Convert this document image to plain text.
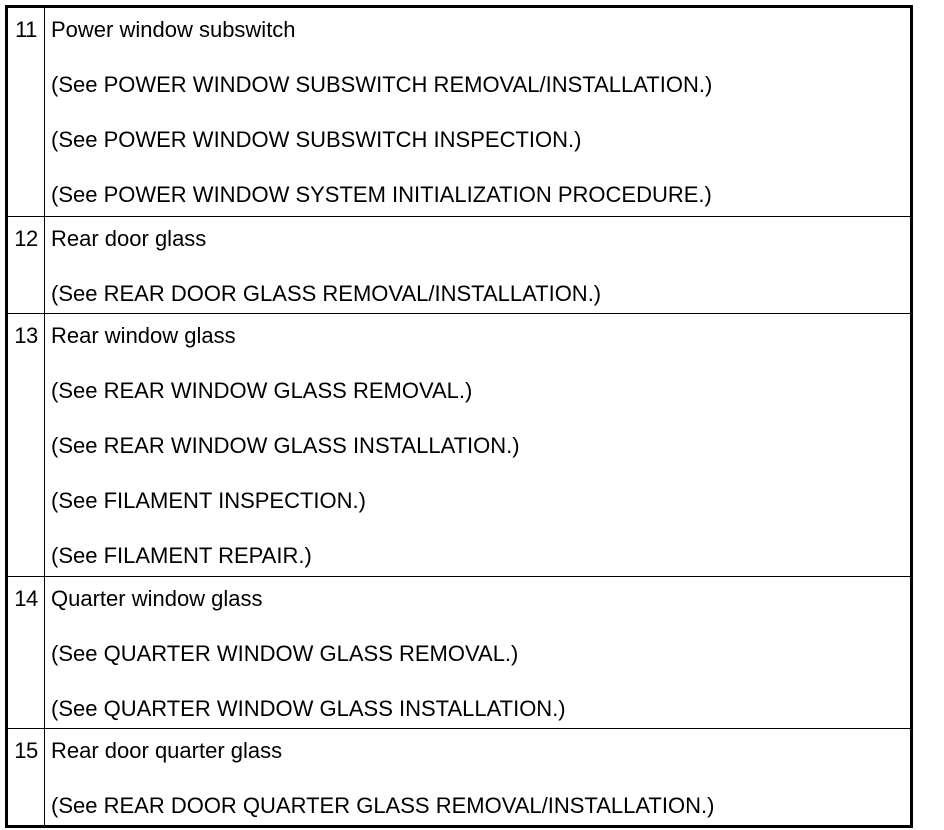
11 Power window subswitch
(See POWER WINDOW SUBSWITCH REMOVAL/INSTALLATION.)
(See POWER WINDOW SUBSWITCH INSPECTION.)
(See POWER WINDOW SYSTEM INITIALIZATION PROCEDURE.)
12 Rear door glass
(See REAR DOOR GLASS REMOVAL/INSTALLATION.)
13 Rear window glass
(See REAR WINDOW GLASS REMOVAL.)
(See REAR WINDOW GLASS INSTALLATION.)
(See FILAMENT INSPECTION.)
(See FILAMENT REPAIR.)
14 Quarter window glass
(See QUARTER WINDOW GLASS REMOVAL.)
(See QUARTER WINDOW GLASS INSTALLATION.)
15 Rear door quarter glass
(See REAR DOOR QUARTER GLASS REMOVAL/INSTALLATION.)
